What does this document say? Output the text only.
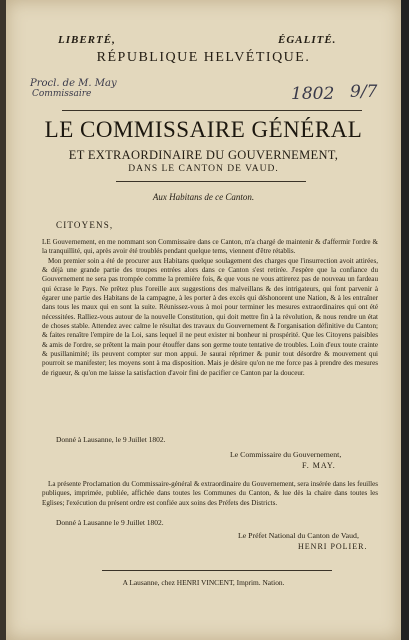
LIBERTÉ,	ÉGALITÉ.
RÉPUBLIQUE HELVÉTIQUE.
Procl. de M. May
Commissaire	1802 9/7
LE COMMISSAIRE GÉNÉRAL
ET EXTRAORDINAIRE DU GOUVERNEMENT,
DANS LE CANTON DE VAUD.
Aux Habitans de ce Canton.
CITOYENS,

LE Gouvernement, en me nommant son Commissaire dans ce Canton, m'a chargé de maintenir & d'affermir l'ordre & la tranquillité, qui, après avoir été troublés pendant quelque tems, viennent d'être rétablis.

Mon premier soin a été de procurer aux Habitans quelque soulagement des charges que l'insurrection avoit attirées, & déjà une grande partie des troupes entrées alors dans ce Canton s'est retirée. J'espère que la confiance du Gouvernement ne sera pas trompée comme la première fois, & que vous ne vous attirerez pas de nouveau un fardeau qui écrase le Pays. Ne prêtez plus l'oreille aux suggestions des malveillans & des intrigateurs, qui font parvenir à égarer une partie des Habitans de la campagne, à les porter à des excès qui déshonorent une Nation, & à les entraîner dans tous les maux qui en sont la suite. Réunissez-vous à moi pour terminer les mesures extraordinaires qui ont été nécessitées. Ralliez-vous autour de la nouvelle Constitution, qui doit mettre fin à la révolution, & nous rendre un état de choses stable. Attendez avec calme le résultat des travaux du Gouvernement & l'organisation définitive du Canton; & faites renaître l'empire de la Loi, sans lequel il ne peut exister ni bonheur ni prospérité. Que les Citoyens paisibles & amis de l'ordre, se prêtent la main pour étouffer dans son germe toute tentative de troubles. Loin d'eux toute crainte & pusillanimité; ils peuvent compter sur mon appui. Je saurai réprimer & punir tout désordre & mouvement qui pourroit se manifester; les moyens sont à ma disposition. Mais je désire qu'on ne me force pas à prendre des mesures de rigueur, & qu'on me laisse la satisfaction d'avoir fini de pacifier ce Canton par la douceur.

Donné à Lausanne, le 9 Juillet 1802.
Le Commissaire du Gouvernement,
F. MAY.

La présente Proclamation du Commissaire-général & extraordinaire du Gouvernement, sera insérée dans les feuilles publiques, imprimée, publiée, affichée dans toutes les Communes du Canton, & lue dès la chaire dans toutes les Eglises; l'exécution du présent ordre est confiée aux soins des Préfets des Districts.

Donné à Lausanne le 9 Juillet 1802.
Le Préfet National du Canton de Vaud,
HENRI POLIER.
A Lausanne, chez HENRI VINCENT, Imprim. Nation.
